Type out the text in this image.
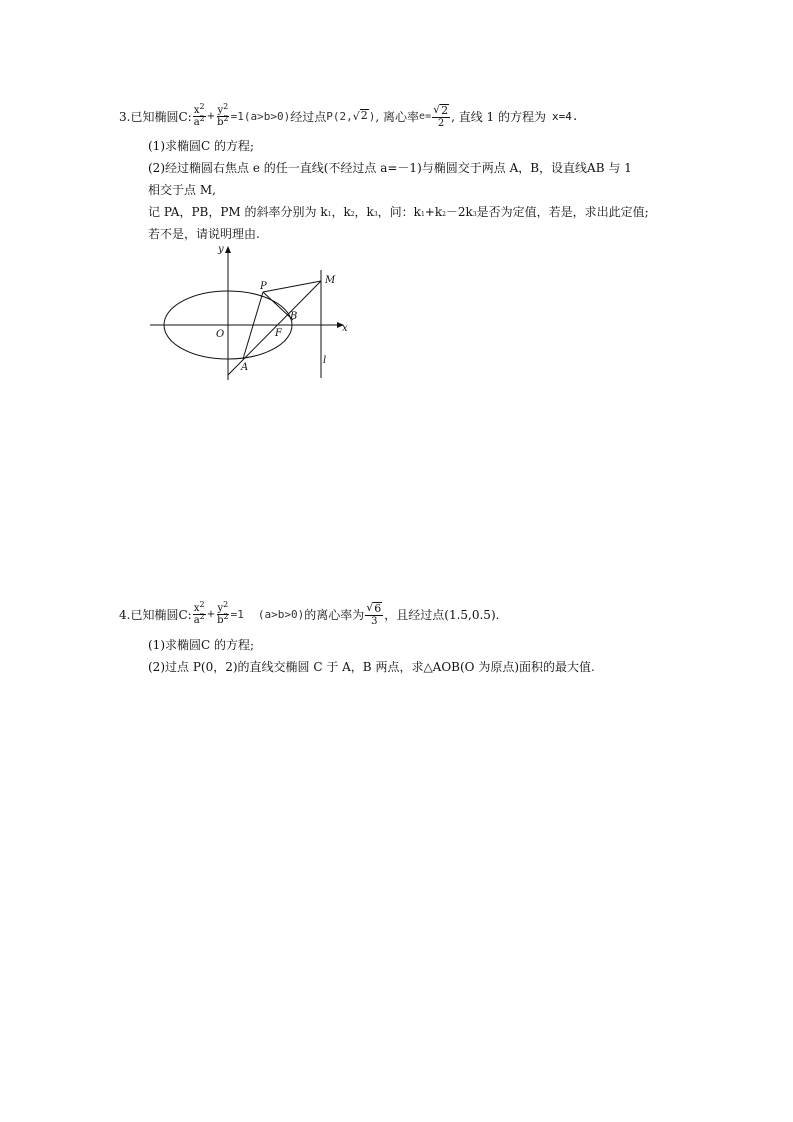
3. 已知椭圆C: $\frac{x^2}{a^2} + \frac{y^2}{b^2} =1$ (a>b>0) 经过点 P(2, √ 2 ) , 离心率 $e= \frac{√ 2}{2}$ , 直线 1 的方程为 x=4.
(1)求椭圆C 的方程;
(2)经过椭圆右焦点 e 的任一直线(不经过点 a=－1)与椭圆交于两点 A，B，设直线AB 与 1
相交于点 M,
记 PA，PB，PM 的斜率分别为 k 1 ，k 2 ，k 3 ，问：k 1 +k 2 －2k 3 是否为定值，若是，求出此定值;
若不是，请说明理由.
y
x
O
P
M
B
F
A
l
4. 已知椭圆C: $\frac{x^2}{a^2} + \frac{y^2}{b^2} =1$ (a>b>0) 的离心率为 $\frac{√ 6}{3}$ ，且经过点(1.5,0.5).
(1)求椭圆C 的方程;
(2)过点 P(0，2)的直线交椭圆 C 于 A，B 两点，求△AOB(O 为原点)面积的最大值.
